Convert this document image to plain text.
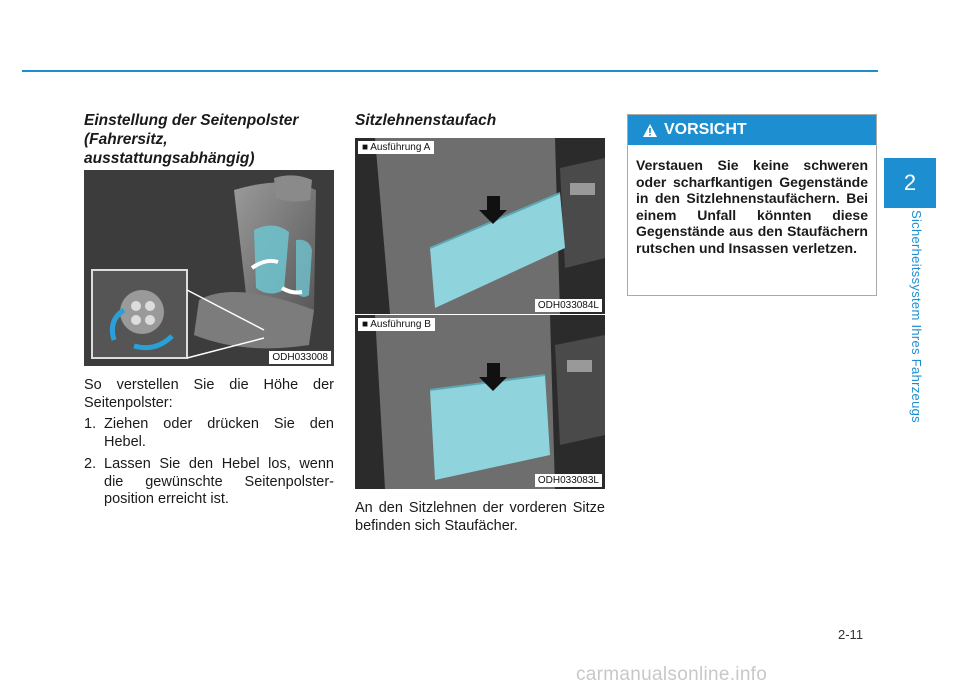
2
Sicherheitssystem Ihres Fahrzeugs
Einstellung der Seitenpolster
(Fahrersitz,
ausstattungsabhängig)
ODH033008
So verstellen Sie die Höhe der
Seitenpolster:
1. Ziehen oder drücken Sie den Hebel.
2. Lassen Sie den Hebel los, wenn die gewünschte Seitenpolster-position erreicht ist.
Sitzlehnenstaufach
■ Ausführung A
ODH033084L
■ Ausführung B
ODH033083L
An den Sitzlehnen der vorderen Sitze befinden sich Staufächer.
VORSICHT
Verstauen Sie keine schweren oder scharfkantigen Gegenstände in den Sitzlehnenstaufächern. Bei einem Unfall könnten diese Gegenstände aus den Staufächern rutschen und Insassen verletzen.
2-11
carmanualsonline.info
